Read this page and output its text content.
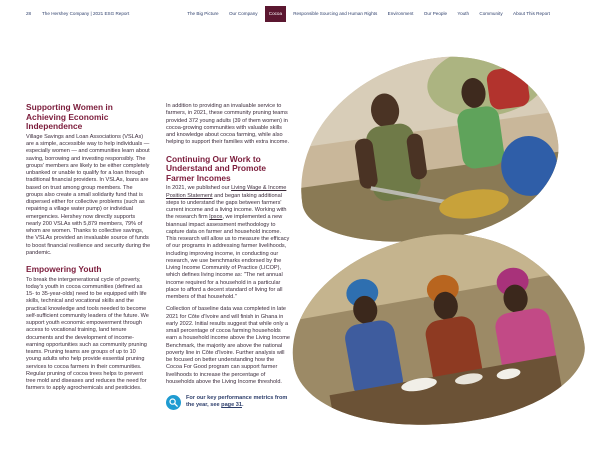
28 The Hershey Company | 2021 ESG Report	The Big Picture	Our Company	Cocoa	Responsible Sourcing and Human Rights	Environment	Our People	Youth	Community	About This Report
Supporting Women in Achieving Economic Independence

Village Savings and Loan Associations (VSLAs) are a simple, accessible way to help individuals — especially women — and communities learn about saving, borrowing and investing responsibly. The groups' members are likely to be either completely unbanked or unable to qualify for a loan through traditional financial providers. In VSLAs, loans are based on trust among group members. The groups also create a small solidarity fund that is dispersed either for collective problems (such as repairing a village water pump) or individual emergencies. Hershey now directly supports nearly 200 VSLAs with 5,879 members, 79% of whom are women. Thanks to collective savings, the VSLAs provided an invaluable source of funds to boost financial resilience and security during the pandemic.

Empowering Youth

To break the intergenerational cycle of poverty, today's youth in cocoa communities (defined as 15- to 35-year-olds) need to be equipped with life skills, technical and vocational skills and the practical knowledge and tools needed to become self-sufficient community leaders of the future. We support youth economic empowerment through access to vocational training, land tenure documents and the development of income-earning opportunities such as community pruning teams. Pruning teams are groups of up to 10 young adults who help provide essential pruning services to cocoa farmers in their communities. Regular pruning of cocoa trees helps to prevent tree mold and diseases and reduces the need for farmers to apply agrochemicals and pesticides.

In addition to providing an invaluable service to farmers, in 2021, these community pruning teams provided 372 young adults (39 of them women) in cocoa-growing communities with valuable skills and knowledge about cocoa farming, while also helping to support their families with extra income.

Continuing Our Work to Understand and Promote Farmer Incomes

In 2021, we published our Living Wage & Income Position Statement and began taking additional steps to understand the gaps between farmers' current income and a living income. Working with the research firm Ipsos, we implemented a new biannual impact assessment methodology to capture data on farmer and household income. This research will allow us to measure the efficacy of our programs in addressing farmer livelihoods, including improving income, in conducting our research, we use benchmarks endorsed by the Living Income Community of Practice (LICOP), which defines living income as: "The net annual income required for a household in a particular place to afford a decent standard of living for all members of that household."

Collection of baseline data was completed in late 2021 for Côte d'Ivoire and will finish in Ghana in early 2022. Initial results suggest that while only a small percentage of cocoa farming households earn a household income above the Living Income Benchmark, the majority are above the national poverty line in Côte d'Ivoire. Further analysis will be focused on better understanding how the Cocoa For Good program can support farmer livelihoods to increase the percentage of households above the Living Income threshold.

For our key performance metrics from the year, see page 31.
